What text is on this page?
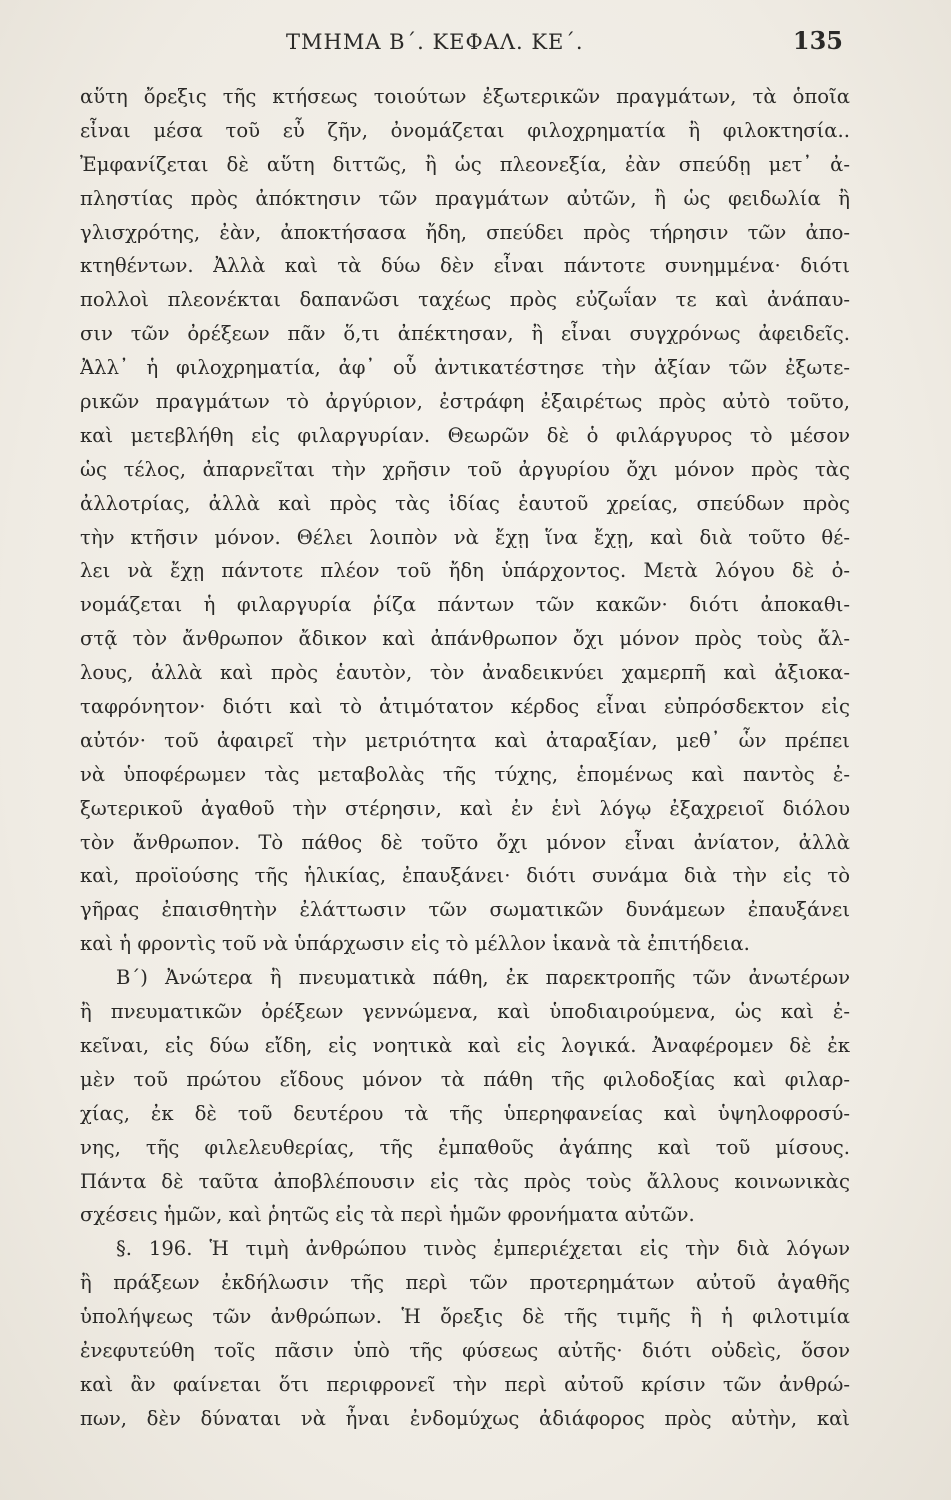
ΤΜΗΜΑ Β΄. ΚΕΦΑΛ. ΚΕ΄.	135
αὕτη ὄρεξις τῆς κτήσεως τοιούτων ἐξωτερικῶν πραγμάτων, τὰ ὁποῖα
εἶναι μέσα τοῦ εὖ ζῆν, ὀνομάζεται φιλοχρηματία ἢ φιλοκτησία..
Ἐμφανίζεται δὲ αὕτη διττῶς, ἢ ὡς πλεονεξία, ἐὰν σπεύδῃ μετ᾽ ἀ-
πληστίας πρὸς ἀπόκτησιν τῶν πραγμάτων αὐτῶν, ἢ ὡς φειδωλία ἢ
γλισχρότης, ἐὰν, ἀποκτήσασα ἤδη, σπεύδει πρὸς τήρησιν τῶν ἀπο-
κτηθέντων. Ἀλλὰ καὶ τὰ δύω δὲν εἶναι πάντοτε συνημμένα· διότι
πολλοὶ πλεονέκται δαπανῶσι ταχέως πρὸς εὐζωΐαν τε καὶ ἀνάπαυ-
σιν τῶν ὀρέξεων πᾶν ὅ,τι ἀπέκτησαν, ἢ εἶναι συγχρόνως ἀφειδεῖς.
Ἀλλ᾽ ἡ φιλοχρηματία, ἀφ᾽ οὗ ἀντικατέστησε τὴν ἀξίαν τῶν ἐξωτε-
ρικῶν πραγμάτων τὸ ἀργύριον, ἐστράφη ἐξαιρέτως πρὸς αὐτὸ τοῦτο,
καὶ μετεβλήθη εἰς φιλαργυρίαν. Θεωρῶν δὲ ὁ φιλάργυρος τὸ μέσον
ὡς τέλος, ἀπαρνεῖται τὴν χρῆσιν τοῦ ἀργυρίου ὄχι μόνον πρὸς τὰς
ἀλλοτρίας, ἀλλὰ καὶ πρὸς τὰς ἰδίας ἑαυτοῦ χρείας, σπεύδων πρὸς
τὴν κτῆσιν μόνον. Θέλει λοιπὸν νὰ ἔχῃ ἵνα ἔχῃ, καὶ διὰ τοῦτο θέ-
λει νὰ ἔχῃ πάντοτε πλέον τοῦ ἤδη ὑπάρχοντος. Μετὰ λόγου δὲ ὀ-
νομάζεται ἡ φιλαργυρία ῥίζα πάντων τῶν κακῶν· διότι ἀποκαθι-
στᾷ τὸν ἄνθρωπον ἄδικον καὶ ἀπάνθρωπον ὄχι μόνον πρὸς τοὺς ἄλ-
λους, ἀλλὰ καὶ πρὸς ἑαυτὸν, τὸν ἀναδεικνύει χαμερπῆ καὶ ἀξιοκα-
ταφρόνητον· διότι καὶ τὸ ἀτιμότατον κέρδος εἶναι εὐπρόσδεκτον εἰς
αὐτόν· τοῦ ἀφαιρεῖ τὴν μετριότητα καὶ ἀταραξίαν, μεθ᾽ ὧν πρέπει
νὰ ὑποφέρωμεν τὰς μεταβολὰς τῆς τύχης, ἑπομένως καὶ παντὸς ἐ-
ξωτερικοῦ ἀγαθοῦ τὴν στέρησιν, καὶ ἐν ἑνὶ λόγῳ ἐξαχρειοῖ διόλου
τὸν ἄνθρωπον. Τὸ πάθος δὲ τοῦτο ὄχι μόνον εἶναι ἀνίατον, ἀλλὰ
καὶ, προϊούσης τῆς ἡλικίας, ἐπαυξάνει· διότι συνάμα διὰ τὴν εἰς τὸ
γῆρας ἐπαισθητὴν ἐλάττωσιν τῶν σωματικῶν δυνάμεων ἐπαυξάνει
καὶ ἡ φροντὶς τοῦ νὰ ὑπάρχωσιν εἰς τὸ μέλλον ἱκανὰ τὰ ἐπιτήδεια.
Β΄) Ἀνώτερα ἢ πνευματικὰ πάθη, ἐκ παρεκτροπῆς τῶν ἀνωτέρων
ἢ πνευματικῶν ὀρέξεων γεννώμενα, καὶ ὑποδιαιρούμενα, ὡς καὶ ἐ-
κεῖναι, εἰς δύω εἴδη, εἰς νοητικὰ καὶ εἰς λογικά. Ἀναφέρομεν δὲ ἐκ
μὲν τοῦ πρώτου εἴδους μόνον τὰ πάθη τῆς φιλοδοξίας καὶ φιλαρ-
χίας, ἐκ δὲ τοῦ δευτέρου τὰ τῆς ὑπερηφανείας καὶ ὑψηλοφροσύ-
νης, τῆς φιλελευθερίας, τῆς ἐμπαθοῦς ἀγάπης καὶ τοῦ μίσους.
Πάντα δὲ ταῦτα ἀποβλέπουσιν εἰς τὰς πρὸς τοὺς ἄλλους κοινωνικὰς
σχέσεις ἡμῶν, καὶ ῥητῶς εἰς τὰ περὶ ἡμῶν φρονήματα αὐτῶν.
§. 196. Ἡ τιμὴ ἀνθρώπου τινὸς ἐμπεριέχεται εἰς τὴν διὰ λόγων
ἢ πράξεων ἐκδήλωσιν τῆς περὶ τῶν προτερημάτων αὐτοῦ ἀγαθῆς
ὑπολήψεως τῶν ἀνθρώπων. Ἡ ὄρεξις δὲ τῆς τιμῆς ἢ ἡ φιλοτιμία
ἐνεφυτεύθη τοῖς πᾶσιν ὑπὸ τῆς φύσεως αὐτῆς· διότι οὐδεὶς, ὅσον
καὶ ἂν φαίνεται ὅτι περιφρονεῖ τὴν περὶ αὐτοῦ κρίσιν τῶν ἀνθρώ-
πων, δὲν δύναται νὰ ἦναι ἐνδομύχως ἀδιάφορος πρὸς αὐτὴν, καὶ
